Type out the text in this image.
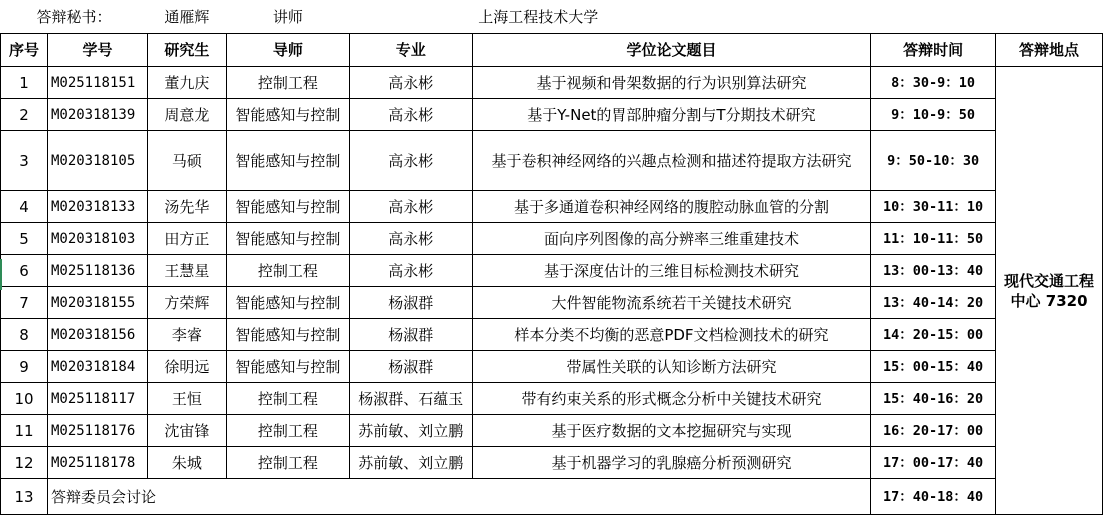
答辩秘书：		通雁辉	讲师		上海工程技术大学		
序号	学号	研究生	导师	专业	学位论文题目	答辩时间	答辩地点
1	M025118151	董九庆	控制工程	高永彬	基于视频和骨架数据的行为识别算法研究	8：30-9：10	现代交通工程中心 7320
2	M020318139	周意龙	智能感知与控制	高永彬	基于Y-Net的胃部肿瘤分割与T分期技术研究	9：10-9：50	
3	M020318105	马硕	智能感知与控制	高永彬	基于卷积神经网络的兴趣点检测和描述符提取方法研究	9：50-10：30	
4	M020318133	汤先华	智能感知与控制	高永彬	基于多通道卷积神经网络的腹腔动脉血管的分割	10：30-11：10	
5	M020318103	田方正	智能感知与控制	高永彬	面向序列图像的高分辨率三维重建技术	11：10-11：50	
6	M025118136	王慧星	控制工程	高永彬	基于深度估计的三维目标检测技术研究	13：00-13：40	
7	M020318155	方荣辉	智能感知与控制	杨淑群	大件智能物流系统若干关键技术研究	13：40-14：20	
8	M020318156	李睿	智能感知与控制	杨淑群	样本分类不均衡的恶意PDF文档检测技术的研究	14：20-15：00	
9	M020318184	徐明远	智能感知与控制	杨淑群	带属性关联的认知诊断方法研究	15：00-15：40	
10	M025118117	王恒	控制工程	杨淑群、石蕴玉	带有约束关系的形式概念分析中关键技术研究	15：40-16：20	
11	M025118176	沈宙锋	控制工程	苏前敏、刘立鹏	基于医疗数据的文本挖掘研究与实现	16：20-17：00	
12	M025118178	朱城	控制工程	苏前敏、刘立鹏	基于机器学习的乳腺癌分析预测研究	17：00-17：40	
13	答辩委员会讨论					17：40-18：40	
